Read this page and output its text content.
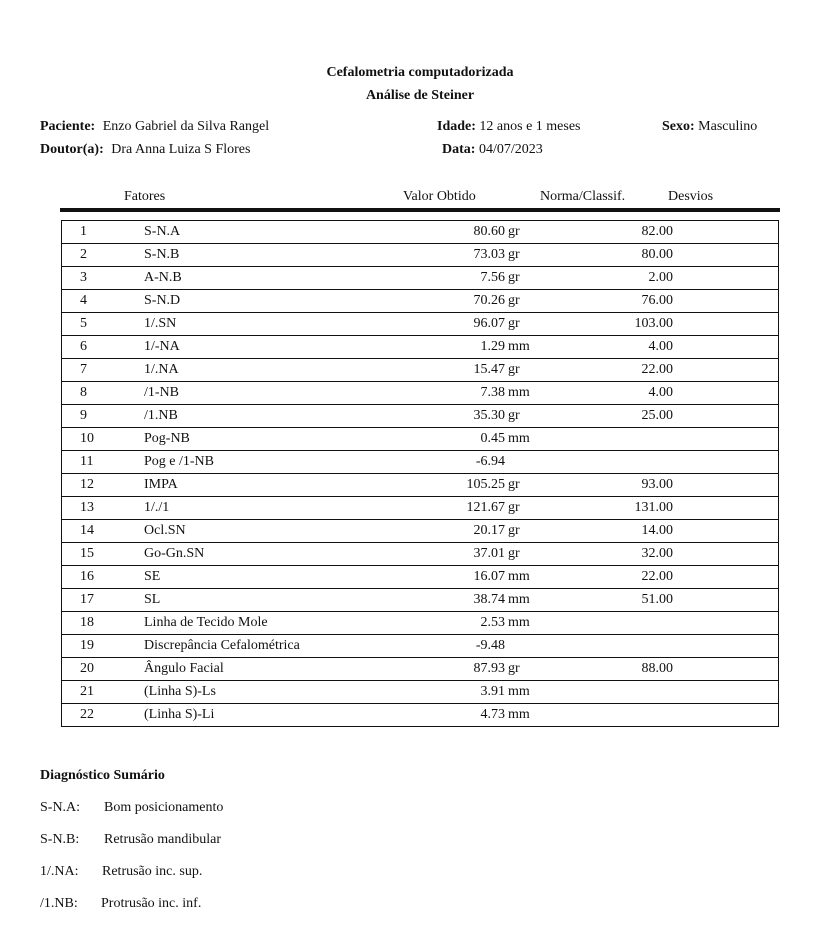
Cefalometria computadorizada
Análise de Steiner
Paciente: Enzo Gabriel da Silva Rangel
Doutor(a): Dra Anna Luiza S Flores
Idade: 12 anos e 1 meses
Data: 04/07/2023
Sexo: Masculino
Fatores	Valor Obtido	Norma/Classif.	Desvios
1	S-N.A	80.60 gr	82.00	
2	S-N.B	73.03 gr	80.00	
3	A-N.B	7.56 gr	2.00	
4	S-N.D	70.26 gr	76.00	
5	1/.SN	96.07 gr	103.00	
6	1/-NA	1.29 mm	4.00	
7	1/.NA	15.47 gr	22.00	
8	/1-NB	7.38 mm	4.00	
9	/1.NB	35.30 gr	25.00	
10	Pog-NB	0.45 mm		
11	Pog e /1-NB	-6.94		
12	IMPA	105.25 gr	93.00	
13	1/./1	121.67 gr	131.00	
14	Ocl.SN	20.17 gr	14.00	
15	Go-Gn.SN	37.01 gr	32.00	
16	SE	16.07 mm	22.00	
17	SL	38.74 mm	51.00	
18	Linha de Tecido Mole	2.53 mm		
19	Discrepância Cefalométrica	-9.48		
20	Ângulo Facial	87.93 gr	88.00	
21	(Linha S)-Ls	3.91 mm		
22	(Linha S)-Li	4.73 mm		
Diagnóstico Sumário
S-N.A: Bom posicionamento
S-N.B: Retrusão mandibular
1/.NA: Retrusão inc. sup.
/1.NB: Protrusão inc. inf.
